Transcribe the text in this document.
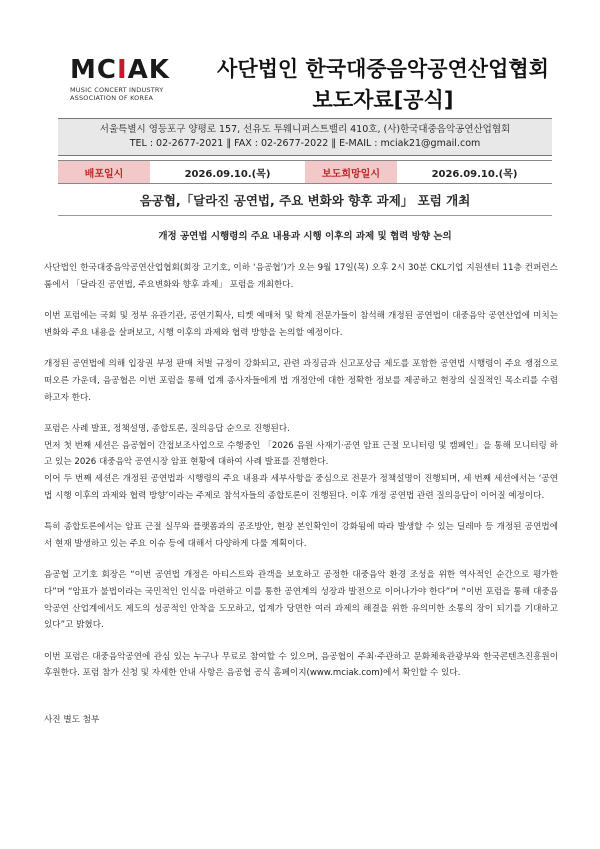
MCIAK
MUSIC CONCERT INDUSTRY
ASSOCIATION OF KOREA
사단법인 한국대중음악공연산업협회
보도자료[공식]
서울특별시 영등포구 양평로 157, 선유도 투웨니퍼스트밸리 410호, (사)한국대중음악공연산업협회
TEL : 02-2677-2021 ‖ FAX : 02-2677-2022 ‖ E-MAIL : mciak21@gmail.com
배포일시	2026.09.10.(목)	보도희망일시	2026.09.10.(목)
음공협,「달라진 공연법, 주요 변화와 향후 과제」 포럼 개최
개정 공연법 시행령의 주요 내용과 시행 이후의 과제 및 협력 방향 논의

사단법인 한국대중음악공연산업협회(회장 고기호, 이하 ‘음공협’)가 오는 9월 17일(목) 오후 2시 30분 CKL기업 지원센터 11층 컨퍼런스룸에서 「달라진 공연법, 주요변화와 향후 과제」 포럼을 개최한다.

이번 포럼에는 국회 및 정부 유관기관, 공연기획사, 티켓 예매처 및 학계 전문가들이 참석해 개정된 공연법이 대중음악 공연산업에 미치는 변화와 주요 내용을 살펴보고, 시행 이후의 과제와 협력 방향을 논의할 예정이다.

개정된 공연법에 의해 입장권 부정 판매 처벌 규정이 강화되고, 관련 과징금과 신고포상금 제도를 포함한 공연법 시행령이 주요 쟁점으로 떠오른 가운데, 음공협은 이번 포럼을 통해 업계 종사자들에게 법 개정안에 대한 정확한 정보를 제공하고 현장의 실질적인 목소리를 수렴하고자 한다.

포럼은 사례 발표, 정책설명, 종합토론, 질의응답 순으로 진행된다.

먼저 첫 번째 세션은 음공협이 간접보조사업으로 수행중인 「2026 음원 사재기·공연 암표 근절 모니터링 및 캠페인」을 통해 모니터링 하고 있는 2026 대중음악 공연시장 암표 현황에 대하여 사례 발표를 진행한다.

이어 두 번째 세션은 개정된 공연법과 시행령의 주요 내용과 세부사항을 중심으로 전문가 정책설명이 진행되며, 세 번째 세션에서는 ‘공연법 시행 이후의 과제와 협력 방향’이라는 주제로 참석자들의 종합토론이 진행된다. 이후 개정 공연법 관련 질의응답이 이어질 예정이다.

특히 종합토론에서는 암표 근절 실무와 플랫폼과의 공조방안, 현장 본인확인이 강화됨에 따라 발생할 수 있는 딜레마 등 개정된 공연법에서 현재 발생하고 있는 주요 이슈 등에 대해서 다양하게 다룰 계획이다.

음공협 고기호 회장은 “이번 공연법 개정은 아티스트와 관객을 보호하고 공정한 대중음악 환경 조성을 위한 역사적인 순간으로 평가한다”며 “암표가 불법이라는 국민적인 인식을 마련하고 이를 통한 공연계의 성장과 발전으로 이어나가야 한다”며 “이번 포럼을 통해 대중음악공연 산업계에서도 제도의 성공적인 안착을 도모하고, 업계가 당면한 여러 과제의 해결을 위한 유의미한 소통의 장이 되기를 기대하고 있다”고 밝혔다.

이번 포럼은 대중음악공연에 관심 있는 누구나 무료로 참여할 수 있으며, 음공협이 주최·주관하고 문화체육관광부와 한국콘텐츠진흥원이 후원한다. 포럼 참가 신청 및 자세한 안내 사항은 음공협 공식 홈페이지(www.mciak.com)에서 확인할 수 있다.

사진 별도 첨부
